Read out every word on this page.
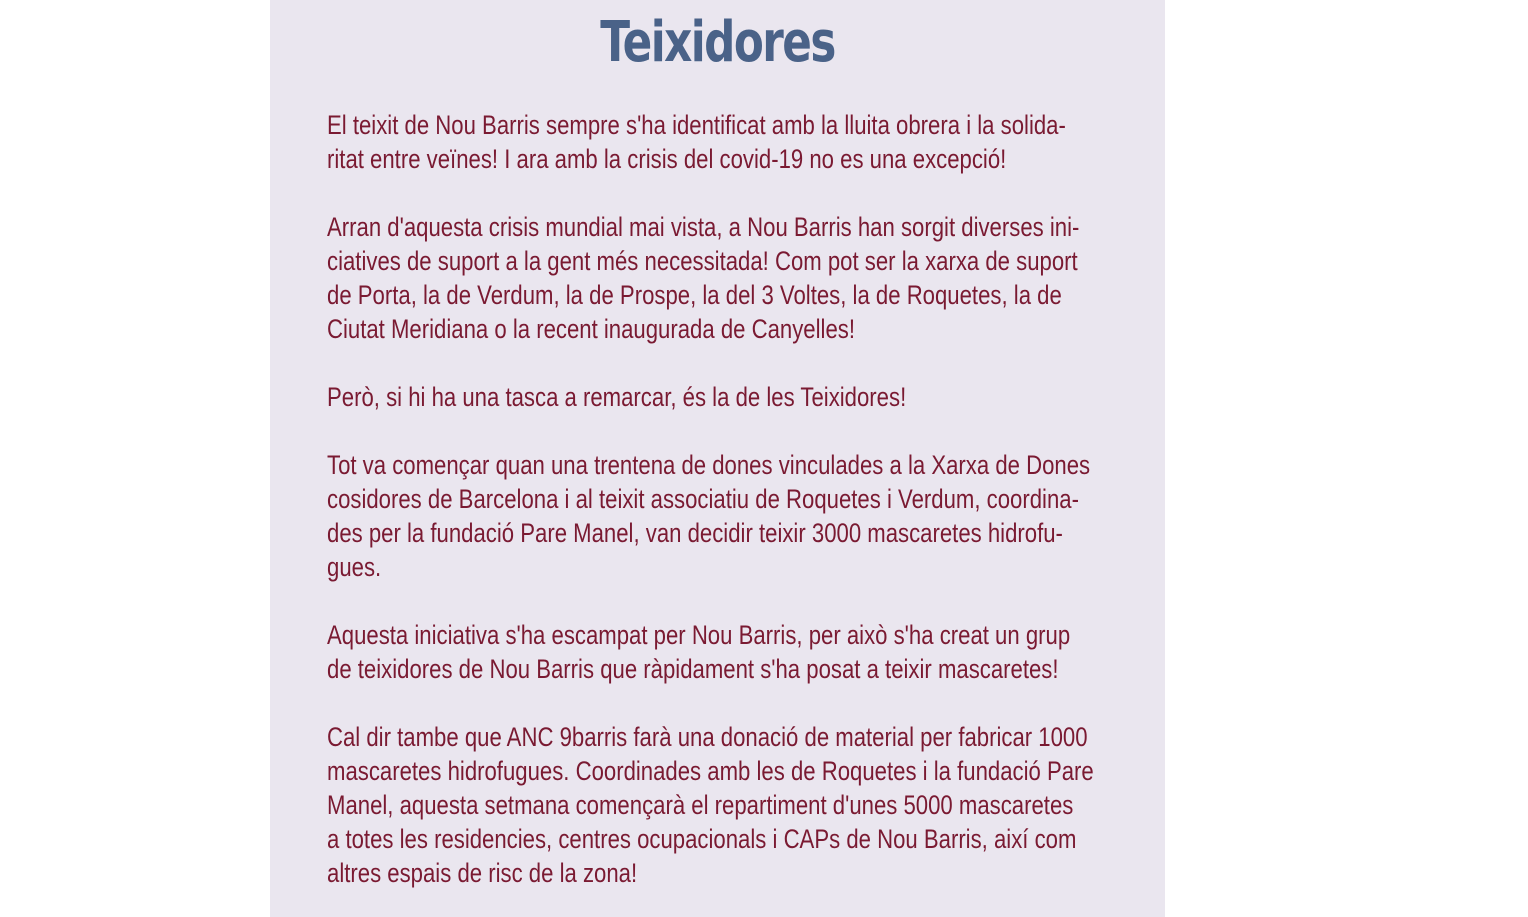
Teixidores

El teixit de Nou Barris sempre s'ha identificat amb la lluita obrera i la solida-
ritat entre veïnes! I ara amb la crisis del covid-19 no es una excepció!

Arran d'aquesta crisis mundial mai vista, a Nou Barris han sorgit diverses ini-
ciatives de suport a la gent més necessitada! Com pot ser la xarxa de suport
de Porta, la de Verdum, la de Prospe, la del 3 Voltes, la de Roquetes, la de
Ciutat Meridiana o la recent inaugurada de Canyelles!

Però, si hi ha una tasca a remarcar, és la de les Teixidores!

Tot va començar quan una trentena de dones vinculades a la Xarxa de Dones
cosidores de Barcelona i al teixit associatiu de Roquetes i Verdum, coordina-
des per la fundació Pare Manel, van decidir teixir 3000 mascaretes hidrofu-
gues.

Aquesta iniciativa s'ha escampat per Nou Barris, per això s'ha creat un grup
de teixidores de Nou Barris que ràpidament s'ha posat a teixir mascaretes!

Cal dir tambe que ANC 9barris farà una donació de material per fabricar 1000
mascaretes hidrofugues. Coordinades amb les de Roquetes i la fundació Pare
Manel, aquesta setmana començarà el repartiment d'unes 5000 mascaretes
a totes les residencies, centres ocupacionals i CAPs de Nou Barris, així com
altres espais de risc de la zona!
